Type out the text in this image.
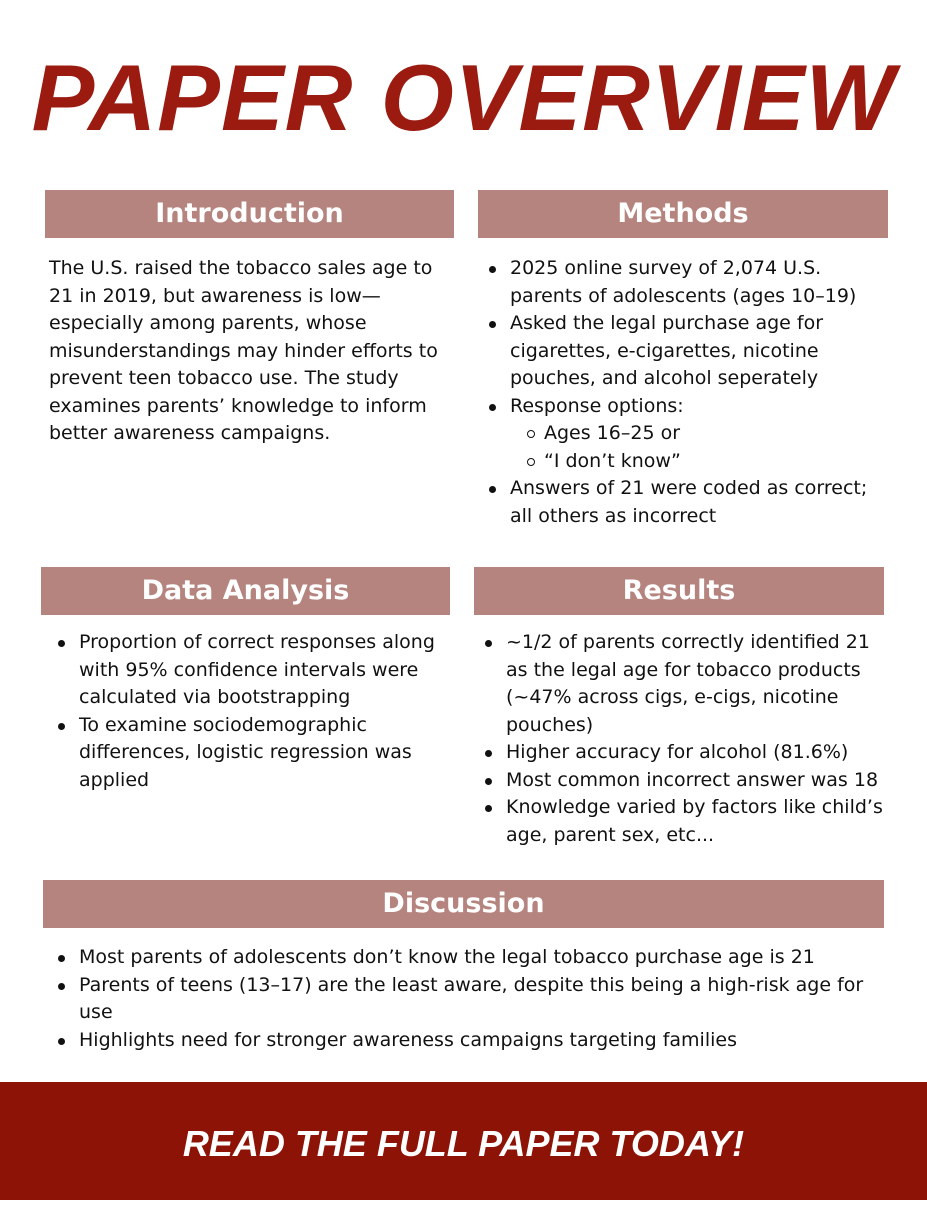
PAPER OVERVIEW
Introduction

The U.S. raised the tobacco sales age to 21 in 2019, but awareness is low—especially among parents, whose misunderstandings may hinder efforts to prevent teen tobacco use. The study examines parents’ knowledge to inform better awareness campaigns.

Methods
2025 online survey of 2,074 U.S. parents of adolescents (ages 10–19)
Asked the legal purchase age for cigarettes, e-cigarettes, nicotine pouches, and alcohol seperately
Response options:
Ages 16–25 or
“I don’t know”
Answers of 21 were coded as correct; all others as incorrect
Data Analysis
Proportion of correct responses along with 95% confidence intervals were calculated via bootstrapping
To examine sociodemographic differences, logistic regression was applied
Results
~1/2 of parents correctly identified 21 as the legal age for tobacco products (~47% across cigs, e-cigs, nicotine pouches)
Higher accuracy for alcohol (81.6%)
Most common incorrect answer was 18
Knowledge varied by factors like child’s age, parent sex, etc...
Discussion
Most parents of adolescents don’t know the legal tobacco purchase age is 21
Parents of teens (13–17) are the least aware, despite this being a high-risk age for use
Highlights need for stronger awareness campaigns targeting families
READ THE FULL PAPER TODAY!
